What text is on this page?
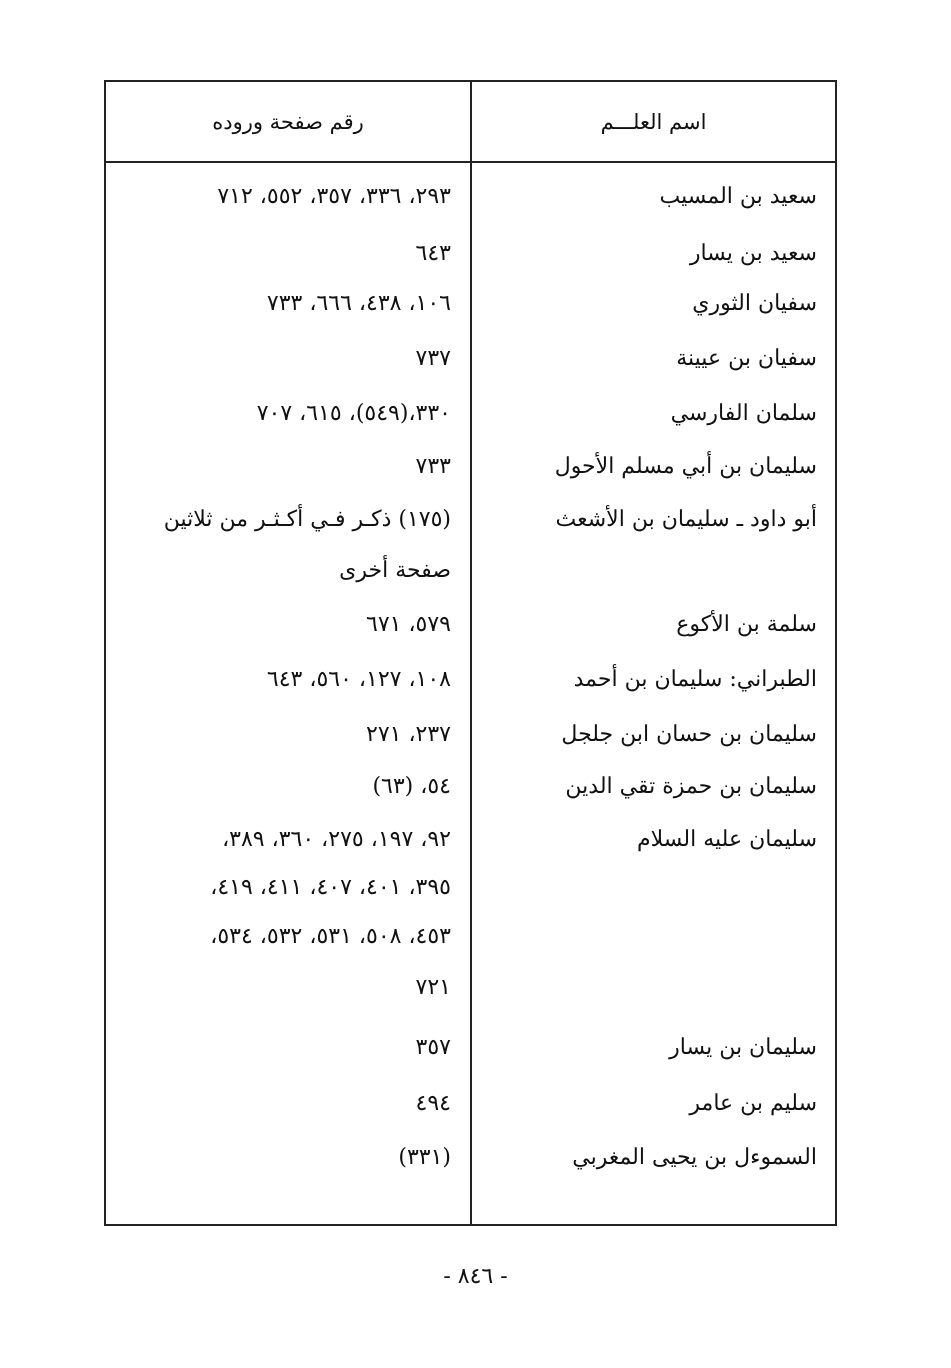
اسم العلـــم
رقم صفحة وروده
سعيد بن المسيب
٢٩٣، ٣٣٦، ٣٥٧، ٥٥٢، ٧١٢
سعيد بن يسار
٦٤٣
سفيان الثوري
١٠٦، ٤٣٨، ٦٦٦، ٧٣٣
سفيان بن عيينة
٧٣٧
سلمان الفارسي
٣٣٠،(٥٤٩)، ٦١٥، ٧٠٧
سليمان بن أبي مسلم الأحول
٧٣٣
أبو داود ـ سليمان بن الأشعث
(١٧٥) ذكـر فـي أكـثـر من ثلاثين
صفحة أخرى
سلمة بن الأكوع
٥٧٩، ٦٧١
الطبراني: سليمان بن أحمد
١٠٨، ١٢٧، ٥٦٠، ٦٤٣
سليمان بن حسان ابن جلجل
٢٣٧، ٢٧١
سليمان بن حمزة تقي الدين
٥٤، (٦٣)
سليمان عليه السلام
٩٢، ١٩٧، ٢٧٥، ٣٦٠، ٣٨٩،
٣٩٥، ٤٠١، ٤٠٧، ٤١١، ٤١٩،
٤٥٣، ٥٠٨، ٥٣١، ٥٣٢، ٥٣٤،
٧٢١
سليمان بن يسار
٣٥٧
سليم بن عامر
٤٩٤
السموءل بن يحيى المغربي
(٣٣١)
- ٨٤٦ -
